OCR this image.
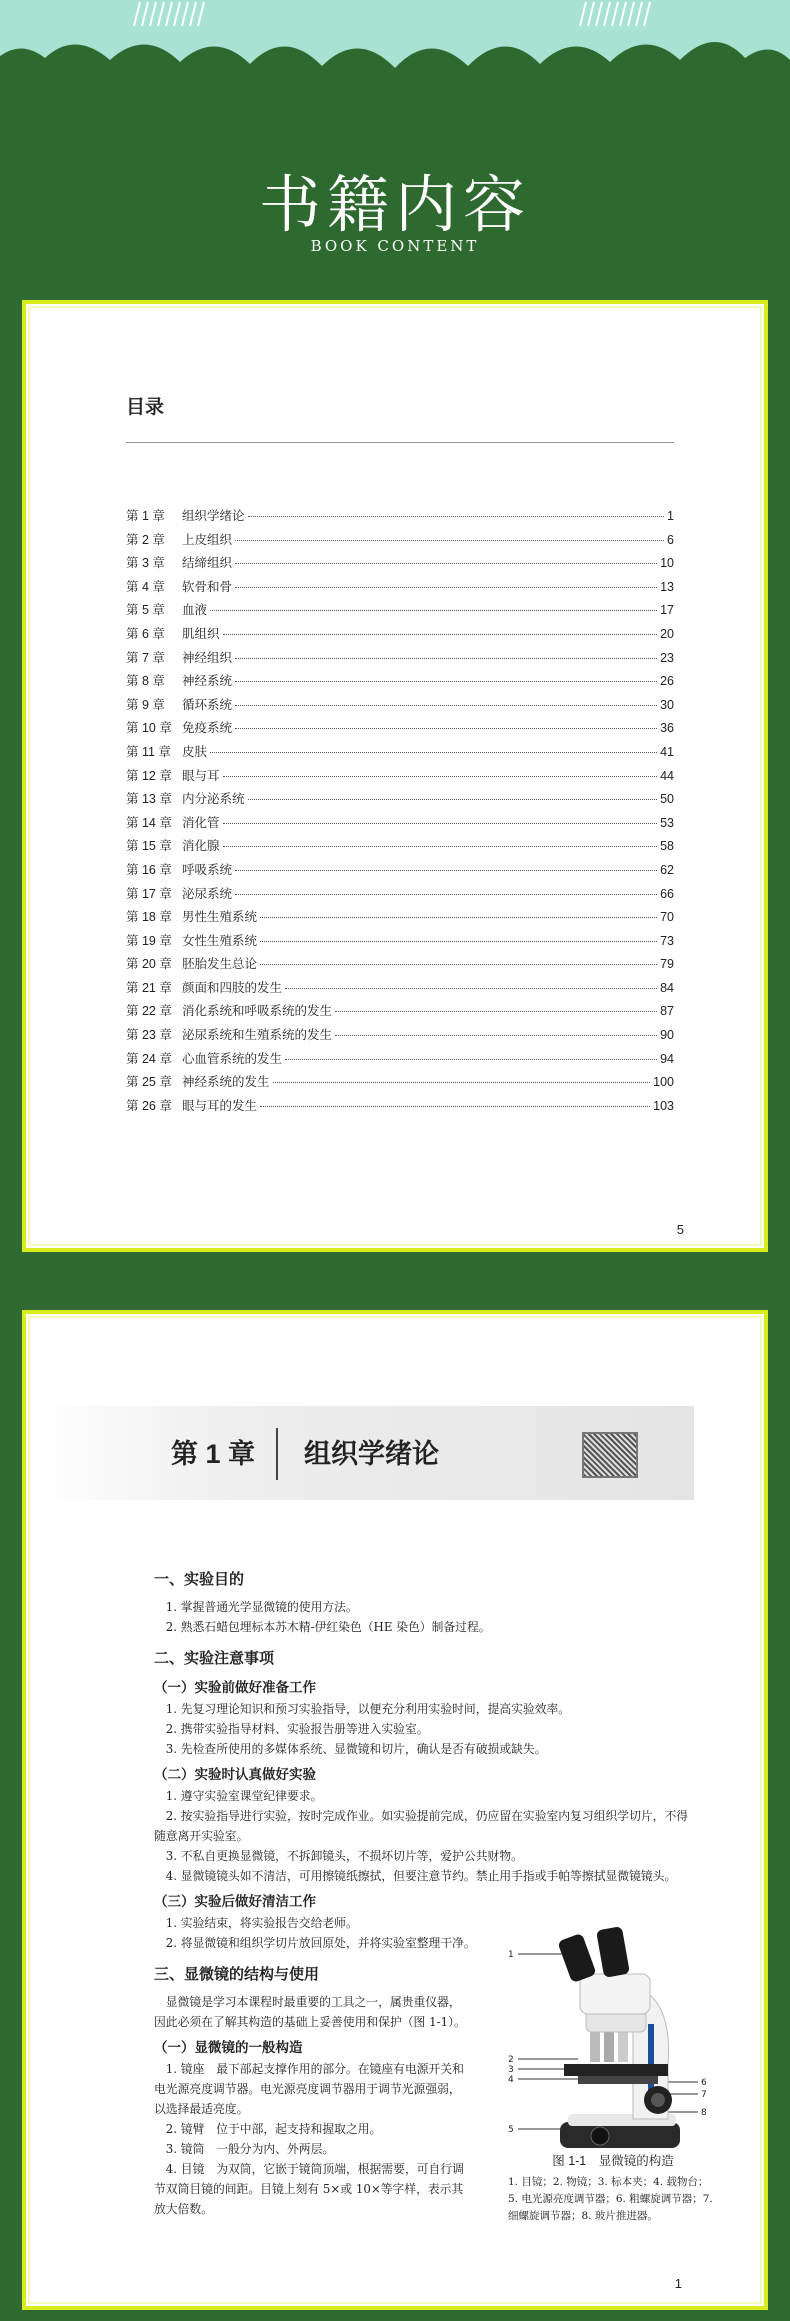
书籍内容
BOOK CONTENT
目录
第 1 章	组织学绪论	1
第 2 章	上皮组织	6
第 3 章	结缔组织	10
第 4 章	软骨和骨	13
第 5 章	血液	17
第 6 章	肌组织	20
第 7 章	神经组织	23
第 8 章	神经系统	26
第 9 章	循环系统	30
第 10 章 免疫系统	36
第 11 章 皮肤	41
第 12 章 眼与耳	44
第 13 章 内分泌系统	50
第 14 章 消化管	53
第 15 章 消化腺	58
第 16 章 呼吸系统	62
第 17 章 泌尿系统	66
第 18 章 男性生殖系统	70
第 19 章 女性生殖系统	73
第 20 章 胚胎发生总论	79
第 21 章 颜面和四肢的发生	84
第 22 章 消化系统和呼吸系统的发生	87
第 23 章 泌尿系统和生殖系统的发生	90
第 24 章 心血管系统的发生	94
第 25 章 神经系统的发生	100
第 26 章 眼与耳的发生	103
5
第 1 章 组织学绪论
一、实验目的
1. 掌握普通光学显微镜的使用方法。
2. 熟悉石蜡包埋标本苏木精-伊红染色（HE 染色）制备过程。
二、实验注意事项
（一）实验前做好准备工作
1. 先复习理论知识和预习实验指导，以便充分利用实验时间，提高实验效率。
2. 携带实验指导材料、实验报告册等进入实验室。
3. 先检查所使用的多媒体系统、显微镜和切片，确认是否有破损或缺失。
（二）实验时认真做好实验
1. 遵守实验室课堂纪律要求。
2. 按实验指导进行实验，按时完成作业。如实验提前完成，仍应留在实验室内复习组织学切片，不得随意离开实验室。
3. 不私自更换显微镜，不拆卸镜头，不损坏切片等，爱护公共财物。
4. 显微镜镜头如不清洁，可用擦镜纸擦拭，但要注意节约。禁止用手指或手帕等擦拭显微镜镜头。
（三）实验后做好清洁工作
1. 实验结束，将实验报告交给老师。
2. 将显微镜和组织学切片放回原处，并将实验室整理干净。
三、显微镜的结构与使用
显微镜是学习本课程时最重要的工具之一，属贵重仪器，因此必须在了解其构造的基础上妥善使用和保护（图 1-1）。
（一）显微镜的一般构造
1. 镜座　最下部起支撑作用的部分。在镜座有电源开关和电光源亮度调节器。电光源亮度调节器用于调节光源强弱，以选择最适亮度。
2. 镜臂　位于中部，起支持和握取之用。
3. 镜筒　一般分为内、外两层。
4. 目镜　为双筒，它嵌于镜筒顶端，根据需要，可自行调节双筒目镜的间距。目镜上刻有 5×或 10×等字样，表示其放大倍数。
1
2
3
4
5
6
7
8
图 1-1　显微镜的构造
1. 目镜；2. 物镜；3. 标本夹；4. 载物台；5. 电光源亮度调节器；6. 粗螺旋调节器；7. 细螺旋调节器；8. 玻片推进器。
1
